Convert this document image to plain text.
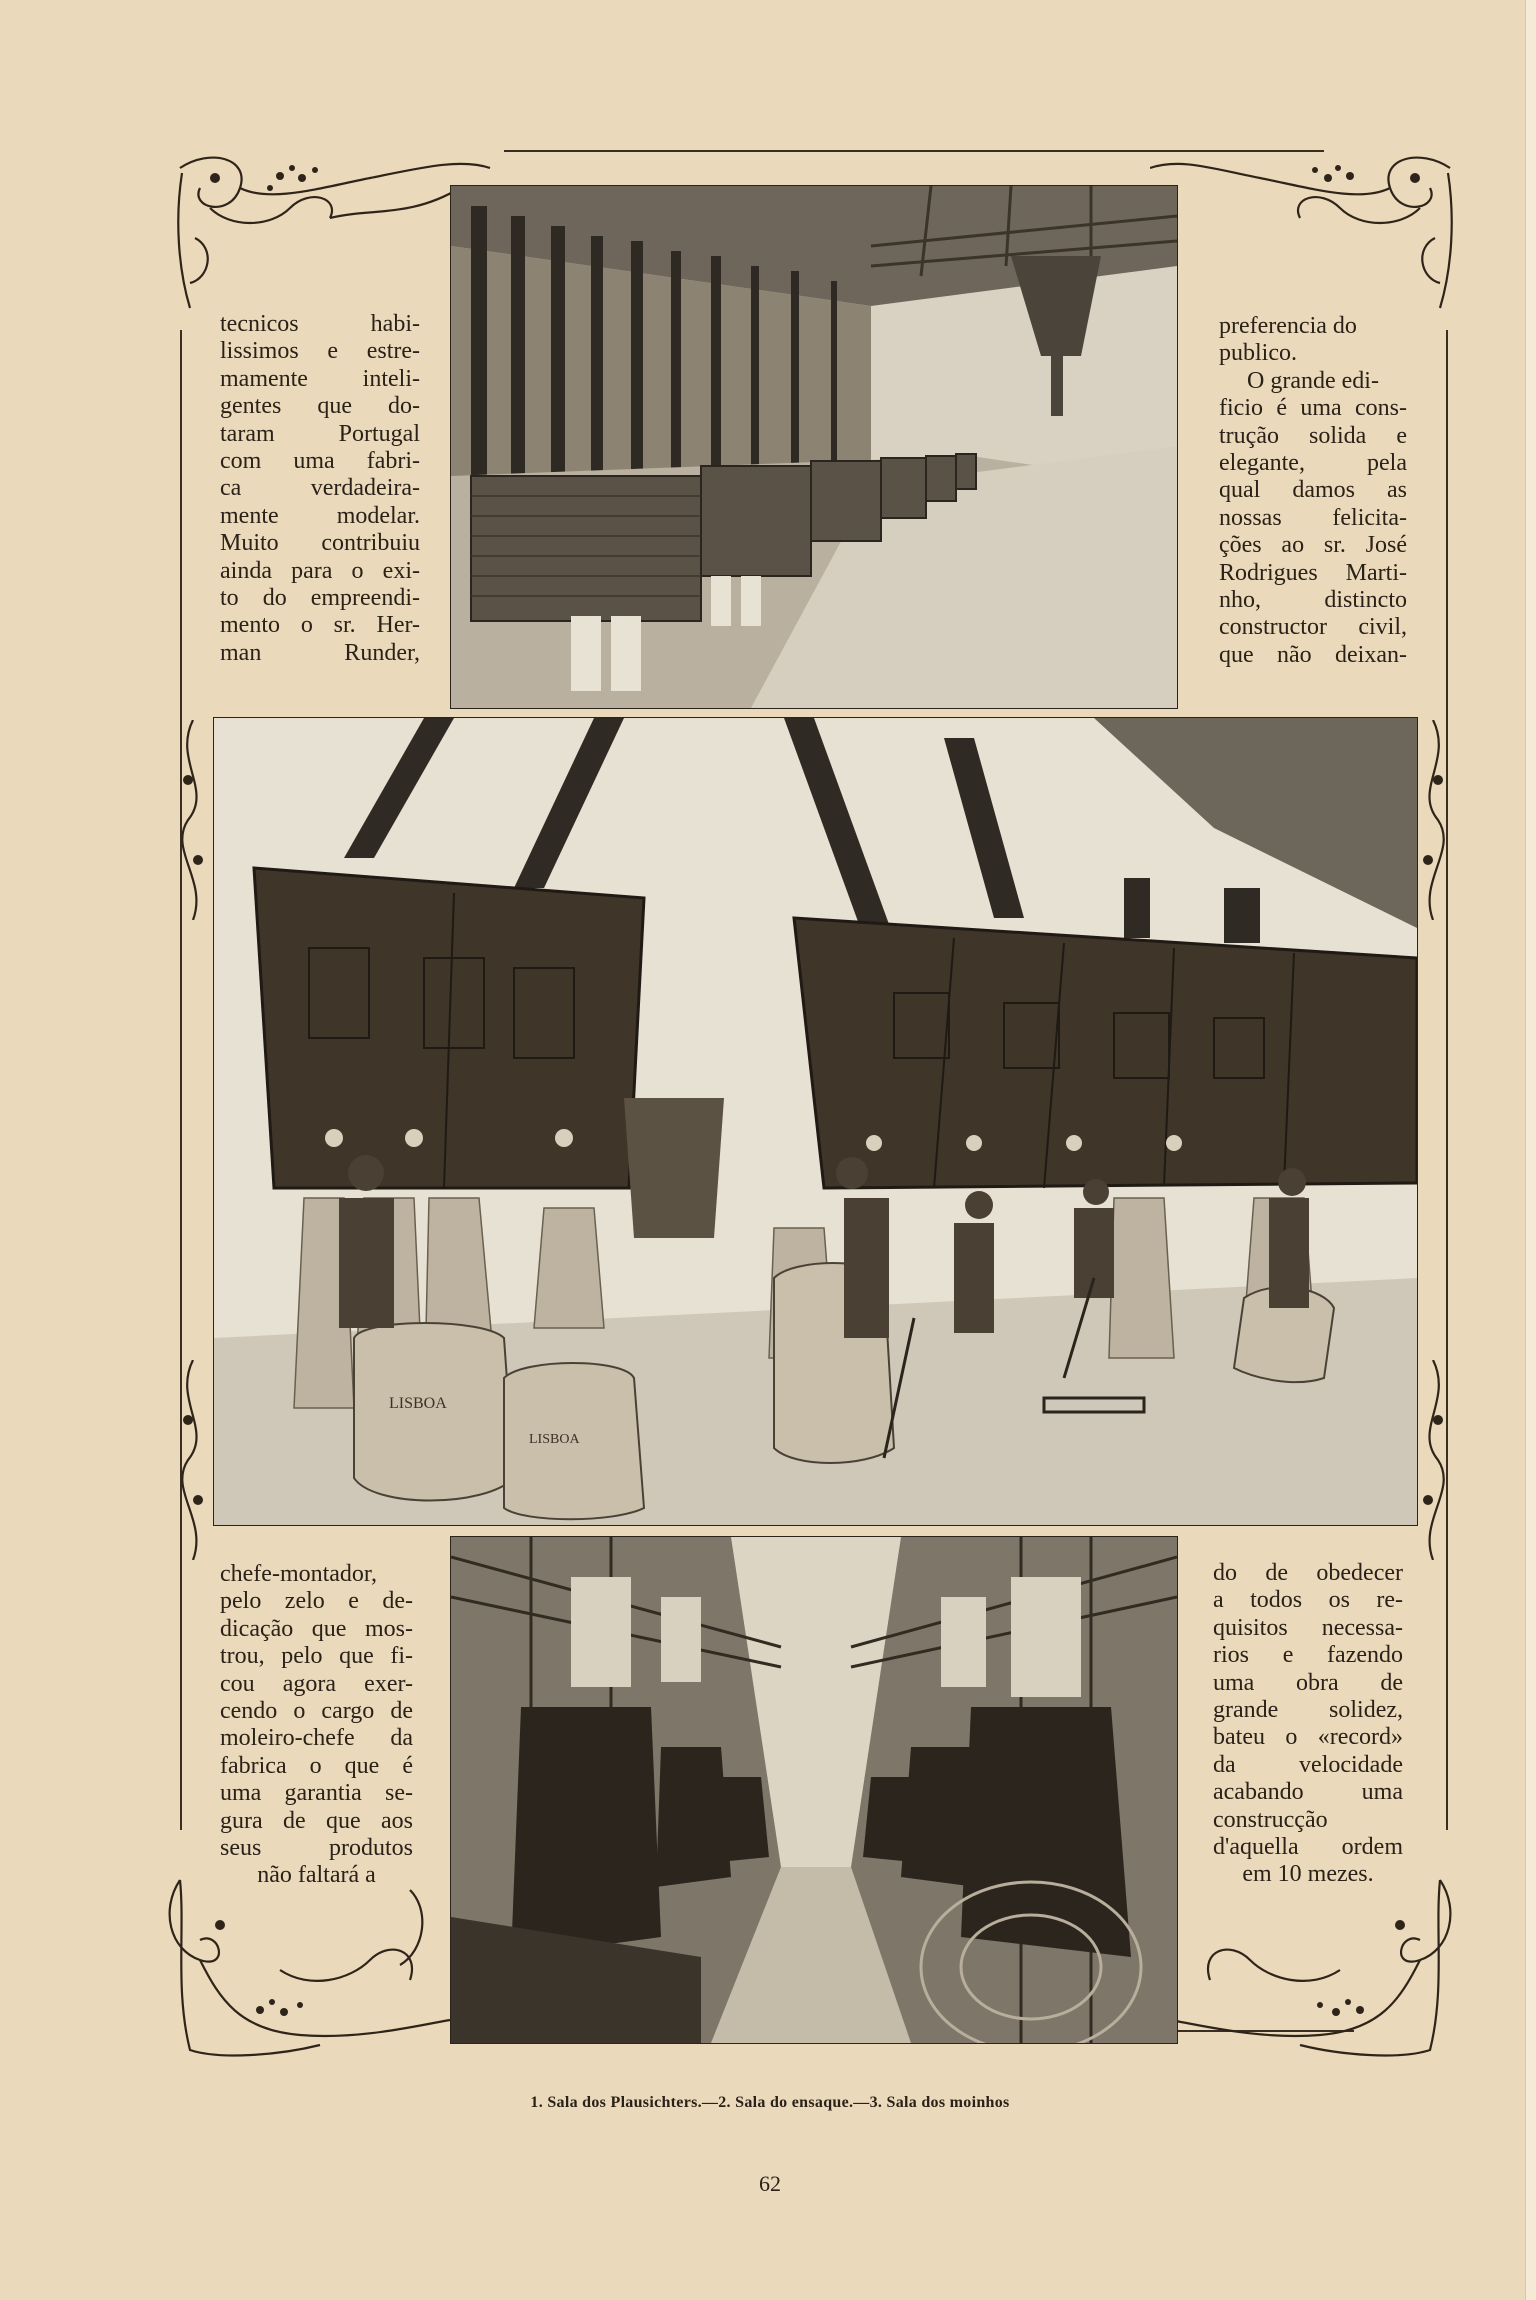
LISBOA
LISBOA

tecnicos habi-

lissimos e estre-

mamente inteli-

gentes que do-

taram Portugal

com uma fabri-

ca verdadeira-

mente modelar.

Muito contribuiu

ainda para o exi-

to do empreendi-

mento o sr. Her-

man Runder,

preferencia do

publico.

O grande edi-

ficio é uma cons-

trução solida e

elegante, pela

qual damos as

nossas felicita-

ções ao sr. José

Rodrigues Marti-

nho, distincto

constructor civil,

que não deixan-

chefe-montador,

pelo zelo e de-

dicação que mos-

trou, pelo que fi-

cou agora exer-

cendo o cargo de

moleiro-chefe da

fabrica o que é

uma garantia se-

gura de que aos

seus produtos

não faltará a

do de obedecer

a todos os re-

quisitos necessa-

rios e fazendo

uma obra de

grande solidez,

bateu o «record»

da velocidade

acabando uma

construcção

d'aquella ordem

em 10 mezes.

1. Sala dos Plausichters.—2. Sala do ensaque.—3. Sala dos moinhos
62
